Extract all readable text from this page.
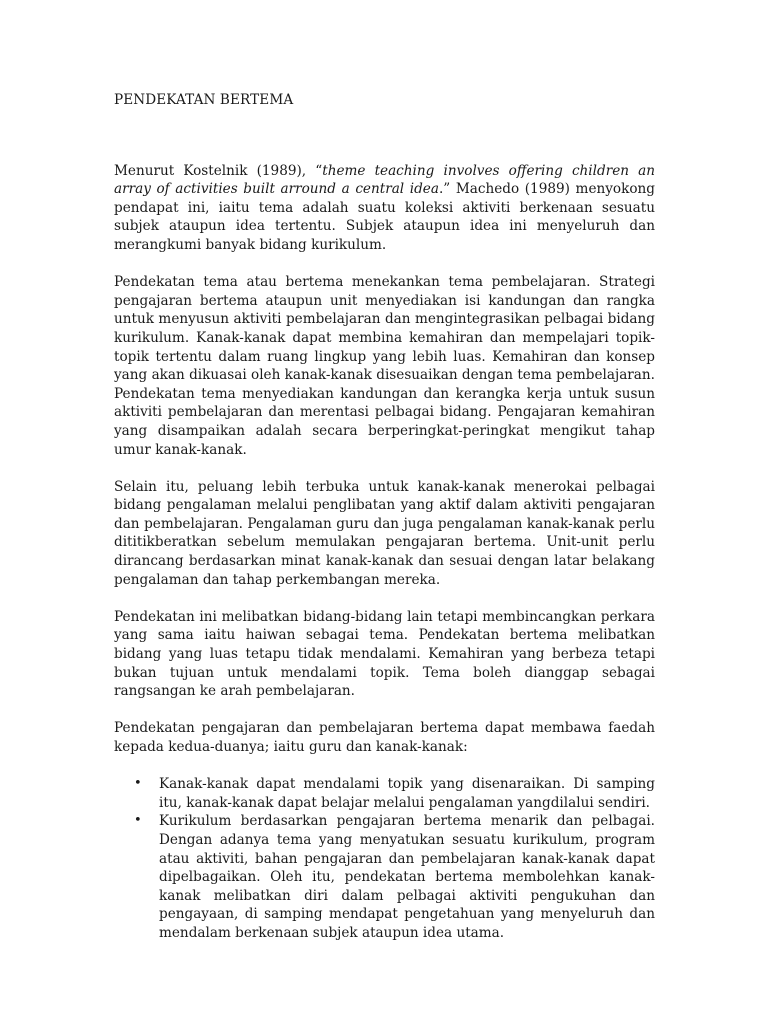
PENDEKATAN BERTEMA

Menurut Kostelnik (1989), “theme teaching involves offering children an array of activities built arround a central idea.” Machedo (1989) menyokong pendapat ini, iaitu tema adalah suatu koleksi aktiviti berkenaan sesuatu subjek ataupun idea tertentu. Subjek ataupun idea ini menyeluruh dan merangkumi banyak bidang kurikulum.

Pendekatan tema atau bertema menekankan tema pembelajaran. Strategi pengajaran bertema ataupun unit menyediakan isi kandungan dan rangka untuk menyusun aktiviti pembelajaran dan mengintegrasikan pelbagai bidang kurikulum. Kanak-kanak dapat membina kemahiran dan mempelajari topik-topik tertentu dalam ruang lingkup yang lebih luas. Kemahiran dan konsep yang akan dikuasai oleh kanak-kanak disesuaikan dengan tema pembelajaran. Pendekatan tema menyediakan kandungan dan kerangka kerja untuk susun aktiviti pembelajaran dan merentasi pelbagai bidang. Pengajaran kemahiran yang disampaikan adalah secara berperingkat-peringkat mengikut tahap umur kanak-kanak.

Selain itu, peluang lebih terbuka untuk kanak-kanak menerokai pelbagai bidang pengalaman melalui penglibatan yang aktif dalam aktiviti pengajaran dan pembelajaran. Pengalaman guru dan juga pengalaman kanak-kanak perlu dititikberatkan sebelum memulakan pengajaran bertema. Unit-unit perlu dirancang berdasarkan minat kanak-kanak dan sesuai dengan latar belakang pengalaman dan tahap perkembangan mereka.

Pendekatan ini melibatkan bidang-bidang lain tetapi membincangkan perkara yang sama iaitu haiwan sebagai tema. Pendekatan bertema melibatkan bidang yang luas tetapu tidak mendalami. Kemahiran yang berbeza tetapi bukan tujuan untuk mendalami topik. Tema boleh dianggap sebagai rangsangan ke arah pembelajaran.

Pendekatan pengajaran dan pembelajaran bertema dapat membawa faedah kepada kedua-duanya; iaitu guru dan kanak-kanak:

• Kanak-kanak dapat mendalami topik yang disenaraikan. Di samping itu, kanak-kanak dapat belajar melalui pengalaman yangdilalui sendiri.
• Kurikulum berdasarkan pengajaran bertema menarik dan pelbagai. Dengan adanya tema yang menyatukan sesuatu kurikulum, program atau aktiviti, bahan pengajaran dan pembelajaran kanak-kanak dapat dipelbagaikan. Oleh itu, pendekatan bertema membolehkan kanak-kanak melibatkan diri dalam pelbagai aktiviti pengukuhan dan pengayaan, di samping mendapat pengetahuan yang menyeluruh dan mendalam berkenaan subjek ataupun idea utama.
